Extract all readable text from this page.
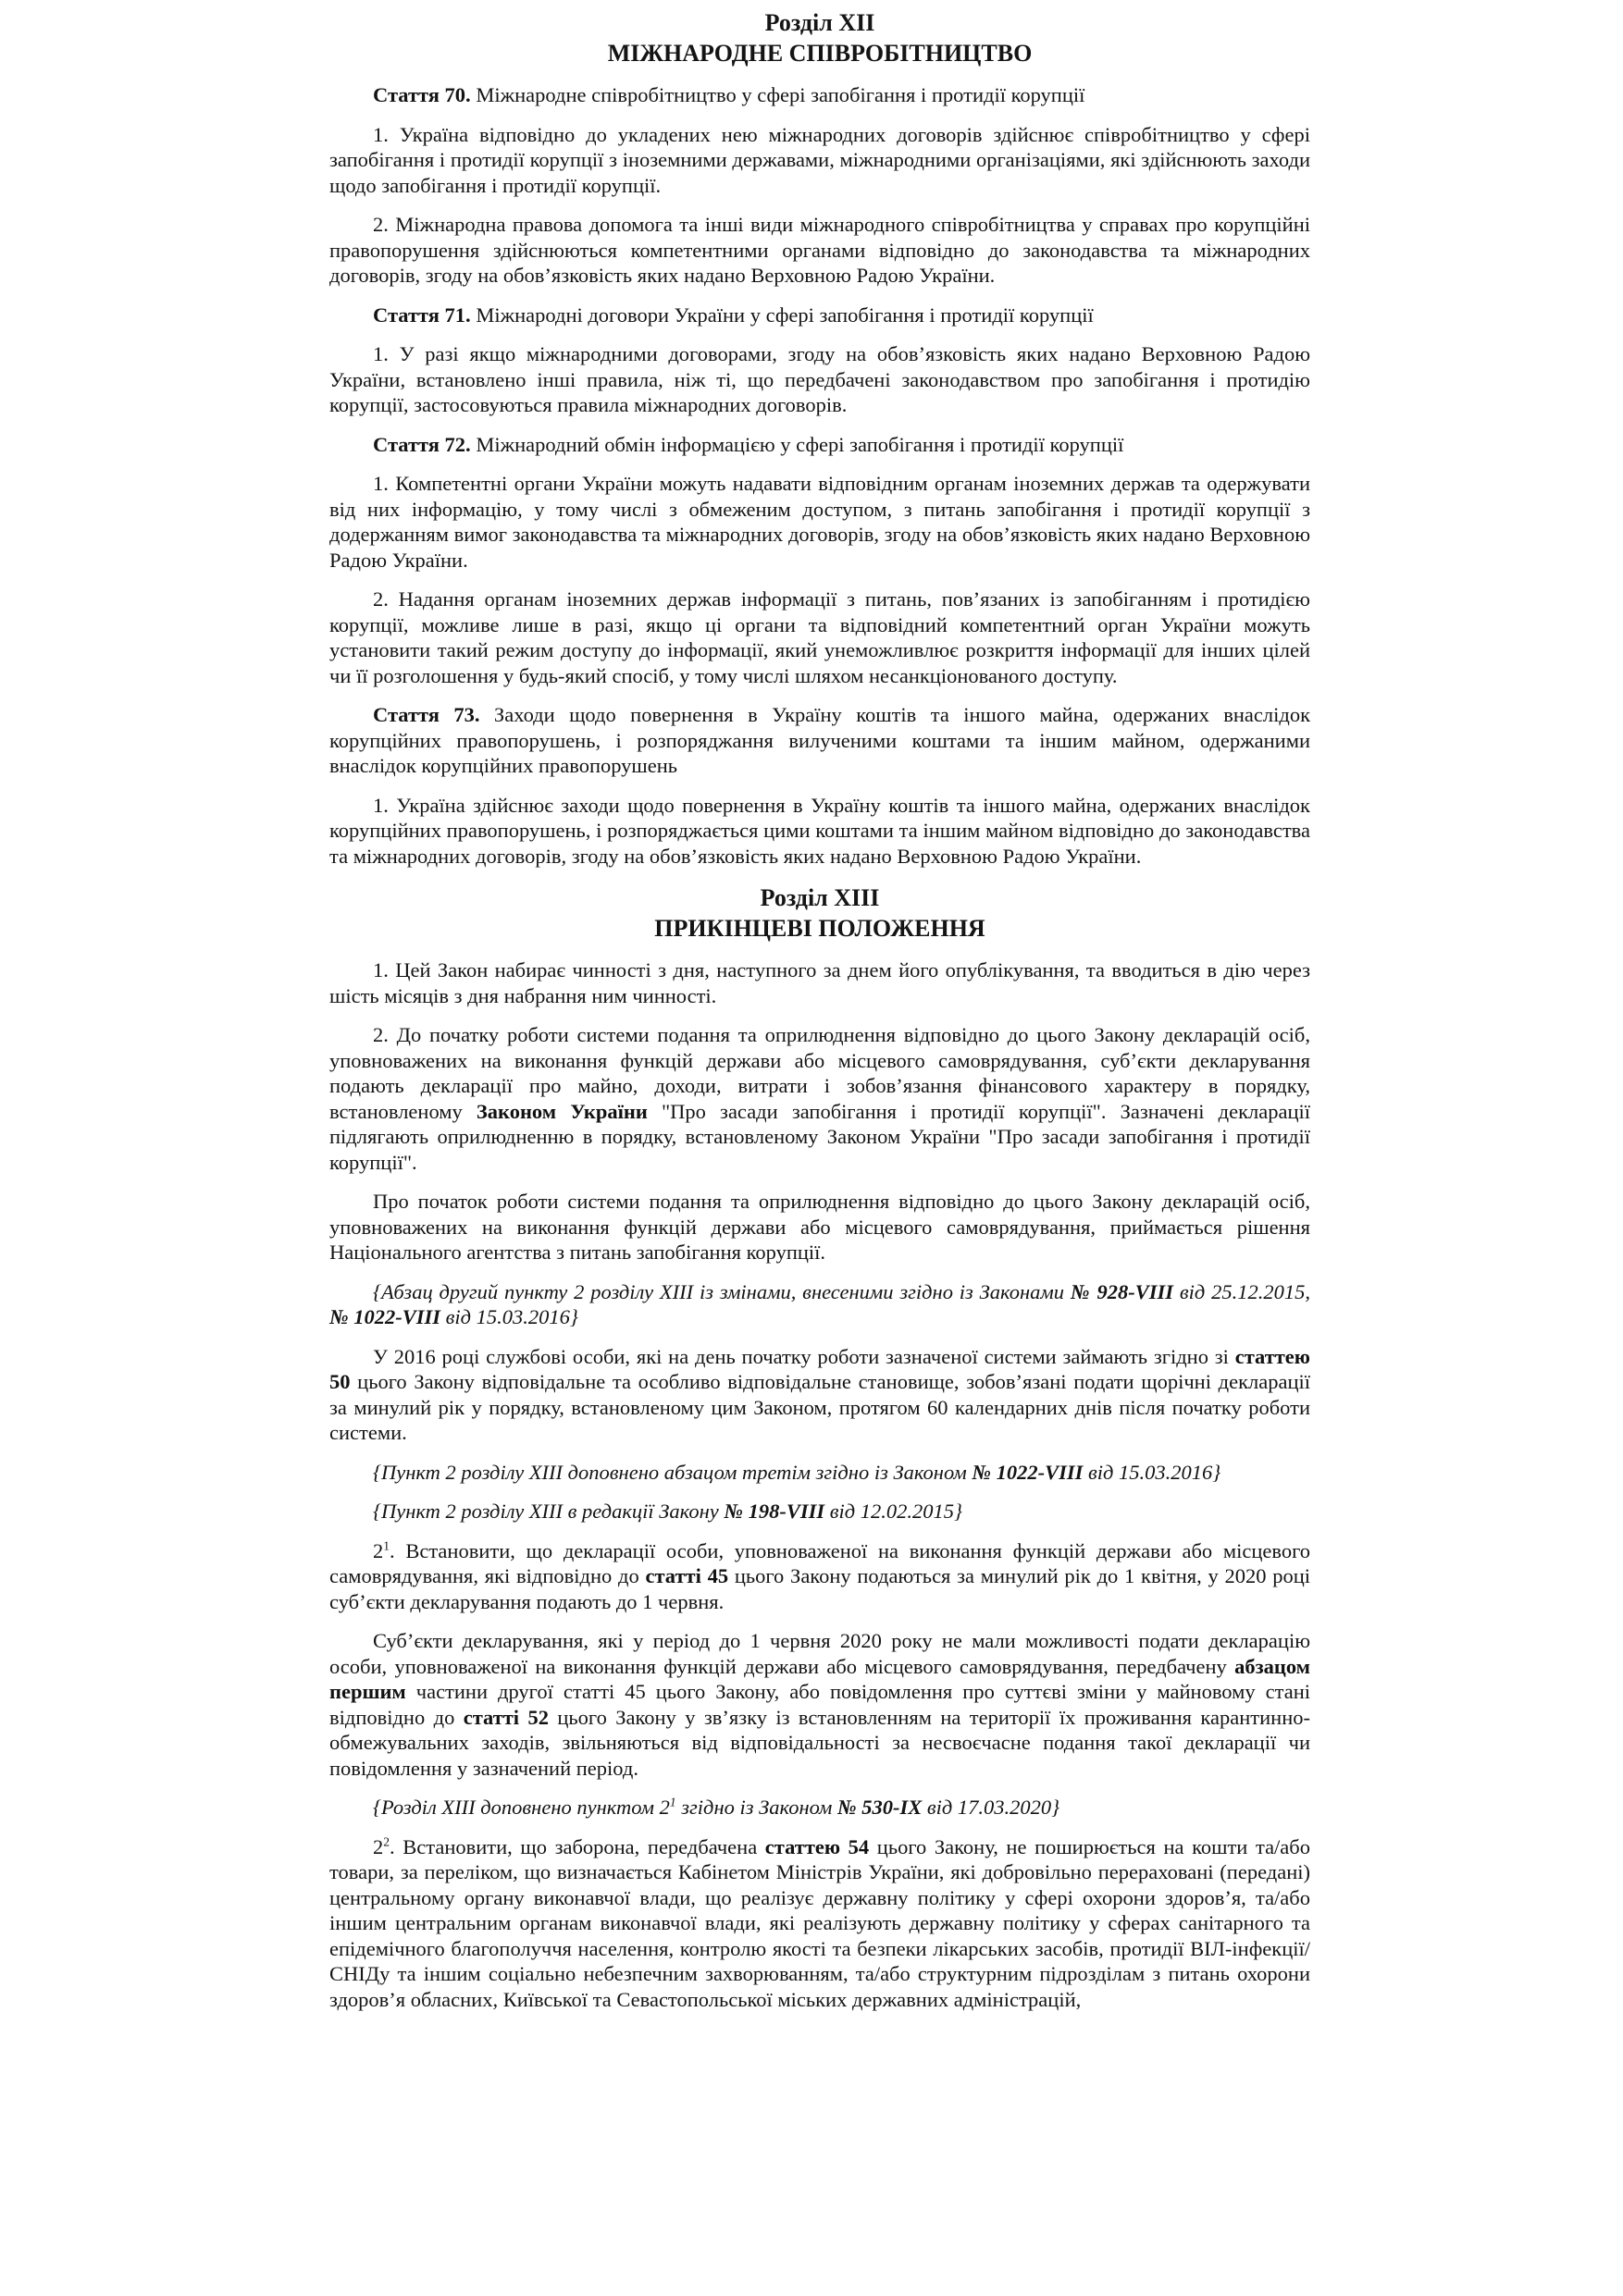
Розділ XII

МІЖНАРОДНЕ СПІВРОБІТНИЦТВО

Стаття 70. Міжнародне співробітництво у сфері запобігання і протидії корупції

1. Україна відповідно до укладених нею міжнародних договорів здійснює співробітництво у сфері запобігання і протидії корупції з іноземними державами, міжнародними організаціями, які здійснюють заходи щодо запобігання і протидії корупції.

2. Міжнародна правова допомога та інші види міжнародного співробітництва у справах про корупційні правопорушення здійснюються компетентними органами відповідно до законодавства та міжнародних договорів, згоду на обов’язковість яких надано Верховною Радою України.

Стаття 71. Міжнародні договори України у сфері запобігання і протидії корупції

1. У разі якщо міжнародними договорами, згоду на обов’язковість яких надано Верховною Радою України, встановлено інші правила, ніж ті, що передбачені законодавством про запобігання і протидію корупції, застосовуються правила міжнародних договорів.

Стаття 72. Міжнародний обмін інформацією у сфері запобігання і протидії корупції

1. Компетентні органи України можуть надавати відповідним органам іноземних держав та одержувати від них інформацію, у тому числі з обмеженим доступом, з питань запобігання і протидії корупції з додержанням вимог законодавства та міжнародних договорів, згоду на обов’язковість яких надано Верховною Радою України.

2. Надання органам іноземних держав інформації з питань, пов’язаних із запобіганням і протидією корупції, можливе лише в разі, якщо ці органи та відповідний компетентний орган України можуть установити такий режим доступу до інформації, який унеможливлює розкриття інформації для інших цілей чи її розголошення у будь-який спосіб, у тому числі шляхом несанкціонованого доступу.

Стаття 73. Заходи щодо повернення в Україну коштів та іншого майна, одержаних внаслідок корупційних правопорушень, і розпоряджання вилученими коштами та іншим майном, одержаними внаслідок корупційних правопорушень

1. Україна здійснює заходи щодо повернення в Україну коштів та іншого майна, одержаних внаслідок корупційних правопорушень, і розпоряджається цими коштами та іншим майном відповідно до законодавства та міжнародних договорів, згоду на обов’язковість яких надано Верховною Радою України.

Розділ XIII

ПРИКІНЦЕВІ ПОЛОЖЕННЯ

1. Цей Закон набирає чинності з дня, наступного за днем його опублікування, та вводиться в дію через шість місяців з дня набрання ним чинності.

2. До початку роботи системи подання та оприлюднення відповідно до цього Закону декларацій осіб, уповноважених на виконання функцій держави або місцевого самоврядування, суб’єкти декларування подають декларації про майно, доходи, витрати і зобов’язання фінансового характеру в порядку, встановленому Законом України "Про засади запобігання і протидії корупції". Зазначені декларації підлягають оприлюдненню в порядку, встановленому Законом України "Про засади запобігання і протидії корупції".

Про початок роботи системи подання та оприлюднення відповідно до цього Закону декларацій осіб, уповноважених на виконання функцій держави або місцевого самоврядування, приймається рішення Національного агентства з питань запобігання корупції.

{Абзац другий пункту 2 розділу XIII із змінами, внесеними згідно із Законами № 928-VIII від 25.12.2015, № 1022-VIII від 15.03.2016}

У 2016 році службові особи, які на день початку роботи зазначеної системи займають згідно зі статтею 50 цього Закону відповідальне та особливо відповідальне становище, зобов’язані подати щорічні декларації за минулий рік у порядку, встановленому цим Законом, протягом 60 календарних днів після початку роботи системи.

{Пункт 2 розділу XIII доповнено абзацом третім згідно із Законом № 1022-VIII від 15.03.2016}

{Пункт 2 розділу XIII в редакції Закону № 198-VIII від 12.02.2015}

$2^1$. Встановити, що декларації особи, уповноваженої на виконання функцій держави або місцевого самоврядування, які відповідно до статті 45 цього Закону подаються за минулий рік до 1 квітня, у 2020 році суб’єкти декларування подають до 1 червня.

Суб’єкти декларування, які у період до 1 червня 2020 року не мали можливості подати декларацію особи, уповноваженої на виконання функцій держави або місцевого самоврядування, передбачену абзацом першим частини другої статті 45 цього Закону, або повідомлення про суттєві зміни у майновому стані відповідно до статті 52 цього Закону у зв’язку із встановленням на території їх проживання карантинно-обмежувальних заходів, звільняються від відповідальності за несвоєчасне подання такої декларації чи повідомлення у зазначений період.

{Розділ XIII доповнено пунктом $2^1$ згідно із Законом № 530-IX від 17.03.2020}

$2^2$. Встановити, що заборона, передбачена статтею 54 цього Закону, не поширюється на кошти та/або товари, за переліком, що визначається Кабінетом Міністрів України, які добровільно перераховані (передані) центральному органу виконавчої влади, що реалізує державну політику у сфері охорони здоров’я, та/або іншим центральним органам виконавчої влади, які реалізують державну політику у сферах санітарного та епідемічного благополуччя населення, контролю якості та безпеки лікарських засобів, протидії ВІЛ-інфекції/СНІДу та іншим соціально небезпечним захворюванням, та/або структурним підрозділам з питань охорони здоров’я обласних, Київської та Севастопольської міських державних адміністрацій,
